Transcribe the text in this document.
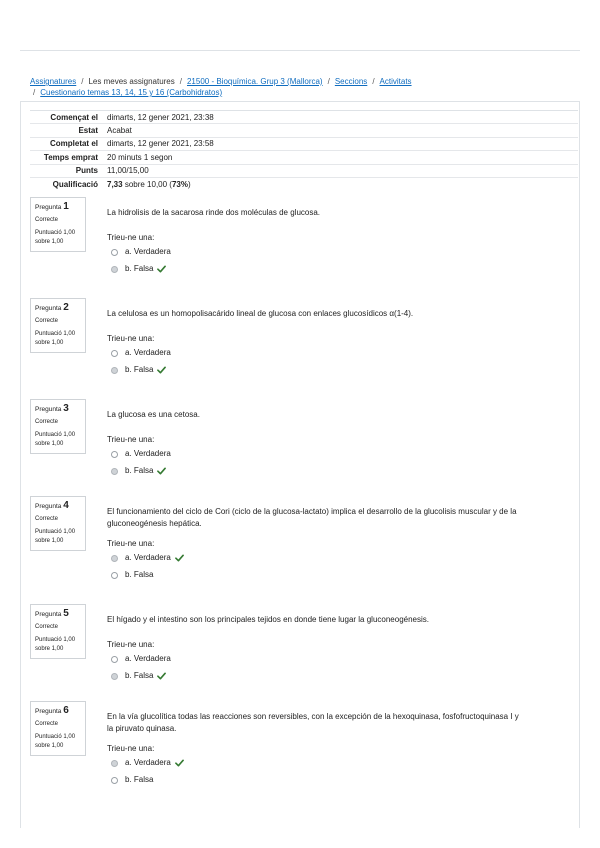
Assignatures / Les meves assignatures / 21500 - Bioquímica. Grup 3 (Mallorca) / Seccions / Activitats
/ Cuestionario temas 13, 14, 15 y 16 (Carbohidratos)
Començat el	dimarts, 12 gener 2021, 23:38
Estat	Acabat
Completat el	dimarts, 12 gener 2021, 23:58
Temps emprat	20 minuts 1 segon
Punts	11,00/15,00
Qualificació	7,33 sobre 10,00 (73%)
Pregunta 1
Correcte
Puntuació 1,00
sobre 1,00
La hidrolisis de la sacarosa rinde dos moléculas de glucosa.
Trieu-ne una:
a. Verdadera
b. Falsa
Pregunta 2
Correcte
Puntuació 1,00
sobre 1,00
La celulosa es un homopolisacárido lineal de glucosa con enlaces glucosídicos α(1-4).
Trieu-ne una:
a. Verdadera
b. Falsa
Pregunta 3
Correcte
Puntuació 1,00
sobre 1,00
La glucosa es una cetosa.
Trieu-ne una:
a. Verdadera
b. Falsa
Pregunta 4
Correcte
Puntuació 1,00
sobre 1,00
El funcionamiento del ciclo de Cori (ciclo de la glucosa-lactato) implica el desarrollo de la glucolisis muscular y de la gluconeogénesis hepática.
Trieu-ne una:
a. Verdadera
b. Falsa
Pregunta 5
Correcte
Puntuació 1,00
sobre 1,00
El hígado y el intestino son los principales tejidos en donde tiene lugar la gluconeogénesis.
Trieu-ne una:
a. Verdadera
b. Falsa
Pregunta 6
Correcte
Puntuació 1,00
sobre 1,00
En la vía glucolítica todas las reacciones son reversibles, con la excepción de la hexoquinasa, fosfofructoquinasa I y la piruvato quinasa.
Trieu-ne una:
a. Verdadera
b. Falsa
